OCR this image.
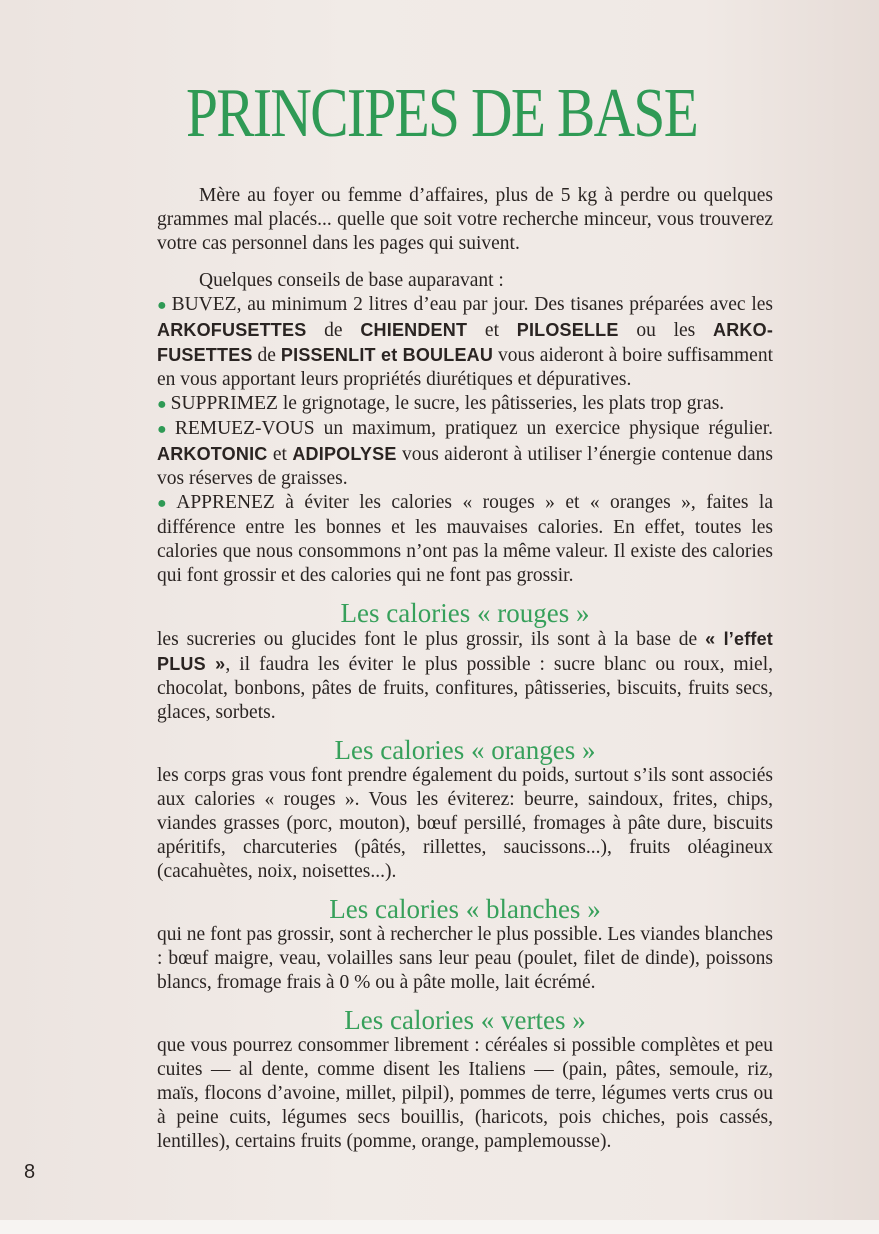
PRINCIPES DE BASE

Mère au foyer ou femme d’affaires, plus de 5 kg à perdre ou quelques grammes mal placés... quelle que soit votre recherche minceur, vous trouverez votre cas personnel dans les pages qui suivent.

Quelques conseils de base auparavant :

● BUVEZ, au minimum 2 litres d’eau par jour. Des tisanes préparées avec les ARKOFUSETTES de CHIENDENT et PILOSELLE ou les ARKO-FUSETTES de PISSENLIT et BOULEAU vous aideront à boire suffisamment en vous apportant leurs propriétés diurétiques et dépuratives.

● SUPPRIMEZ le grignotage, le sucre, les pâtisseries, les plats trop gras.

● REMUEZ-VOUS un maximum, pratiquez un exercice physique régulier. ARKOTONIC et ADIPOLYSE vous aideront à utiliser l’énergie contenue dans vos réserves de graisses.

● APPRENEZ à éviter les calories « rouges » et « oranges », faites la différence entre les bonnes et les mauvaises calories. En effet, toutes les calories que nous consommons n’ont pas la même valeur. Il existe des calories qui font grossir et des calories qui ne font pas grossir.

Les calories « rouges »

les sucreries ou glucides font le plus grossir, ils sont à la base de « l’effet PLUS », il faudra les éviter le plus possible : sucre blanc ou roux, miel, chocolat, bonbons, pâtes de fruits, confitures, pâtisseries, biscuits, fruits secs, glaces, sorbets.

Les calories « oranges »

les corps gras vous font prendre également du poids, surtout s’ils sont associés aux calories « rouges ». Vous les éviterez: beurre, saindoux, frites, chips, viandes grasses (porc, mouton), bœuf persillé, fromages à pâte dure, biscuits apéritifs, charcuteries (pâtés, rillettes, saucissons...), fruits oléagineux (cacahuètes, noix, noisettes...).

Les calories « blanches »

qui ne font pas grossir, sont à rechercher le plus possible. Les viandes blanches : bœuf maigre, veau, volailles sans leur peau (poulet, filet de dinde), poissons blancs, fromage frais à 0 % ou à pâte molle, lait écrémé.

Les calories « vertes »

que vous pourrez consommer librement : céréales si possible complètes et peu cuites — al dente, comme disent les Italiens — (pain, pâtes, semoule, riz, maïs, flocons d’avoine, millet, pilpil), pommes de terre, légumes verts crus ou à peine cuits, légumes secs bouillis, (haricots, pois chiches, pois cassés, lentilles), certains fruits (pomme, orange, pamplemousse).

8
